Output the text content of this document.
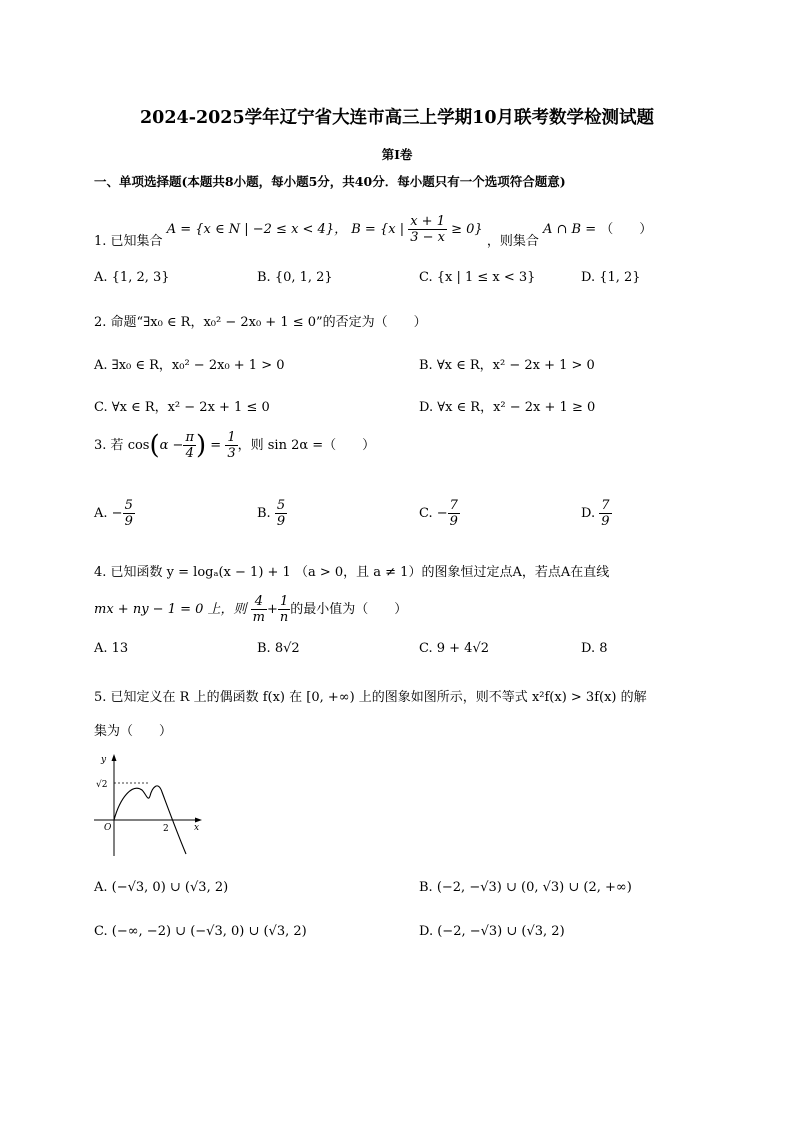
2024-2025学年辽宁省大连市高三上学期10月联考数学检测试题
第I卷
一、单项选择题(本题共8小题，每小题5分，共40分．每小题只有一个选项符合题意)
1. 已知集合 A = {x ∈ N | −2 ≤ x < 4}， B = {x | $\frac{x + 1}{3 - x} \ge 0$} ，则集合 A ∩ B = （　　）
A. {1, 2, 3}	B. {0, 1, 2}	C. {x | 1 ≤ x < 3}	D. {1, 2}
2. 命题“∃x₀ ∈ R，x₀² − 2x₀ + 1 ≤ 0”的否定为（　　）
A. ∃x₀ ∈ R，x₀² − 2x₀ + 1 > 0	B. ∀x ∈ R，x² − 2x + 1 > 0
C. ∀x ∈ R，x² − 2x + 1 ≤ 0	D. ∀x ∈ R，x² − 2x + 1 ≥ 0
3. 若 $\cos(\alpha - \frac{\pi}{4}$ ) = $\frac{1}{3}$ ，则 sin 2α =（　　）
A. − $\frac{5}{9}$	B. $\frac{5}{9}$	C. − $\frac{7}{9}$	D. $\frac{7}{9}$
4. 已知函数 y = logₐ(x − 1) + 1 （a > 0，且 a ≠ 1）的图象恒过定点A，若点A在直线
mx + ny − 1 = 0 上，则 $\frac{4}{m} + \frac{1}{n}$ 的最小值为（　　）
A. 13	B. 8√2	C. 9 + 4√2	D. 8
5. 已知定义在 R 上的偶函数 f(x) 在 [0, +∞) 上的图象如图所示，则不等式 x²f(x) > 3f(x) 的解
集为（　　）
y
x
O	2
√2
A. (−√3, 0) ∪ (√3, 2)	B. (−2, −√3) ∪ (0, √3) ∪ (2, +∞)
C. (−∞, −2) ∪ (−√3, 0) ∪ (√3, 2)	D. (−2, −√3) ∪ (√3, 2)
